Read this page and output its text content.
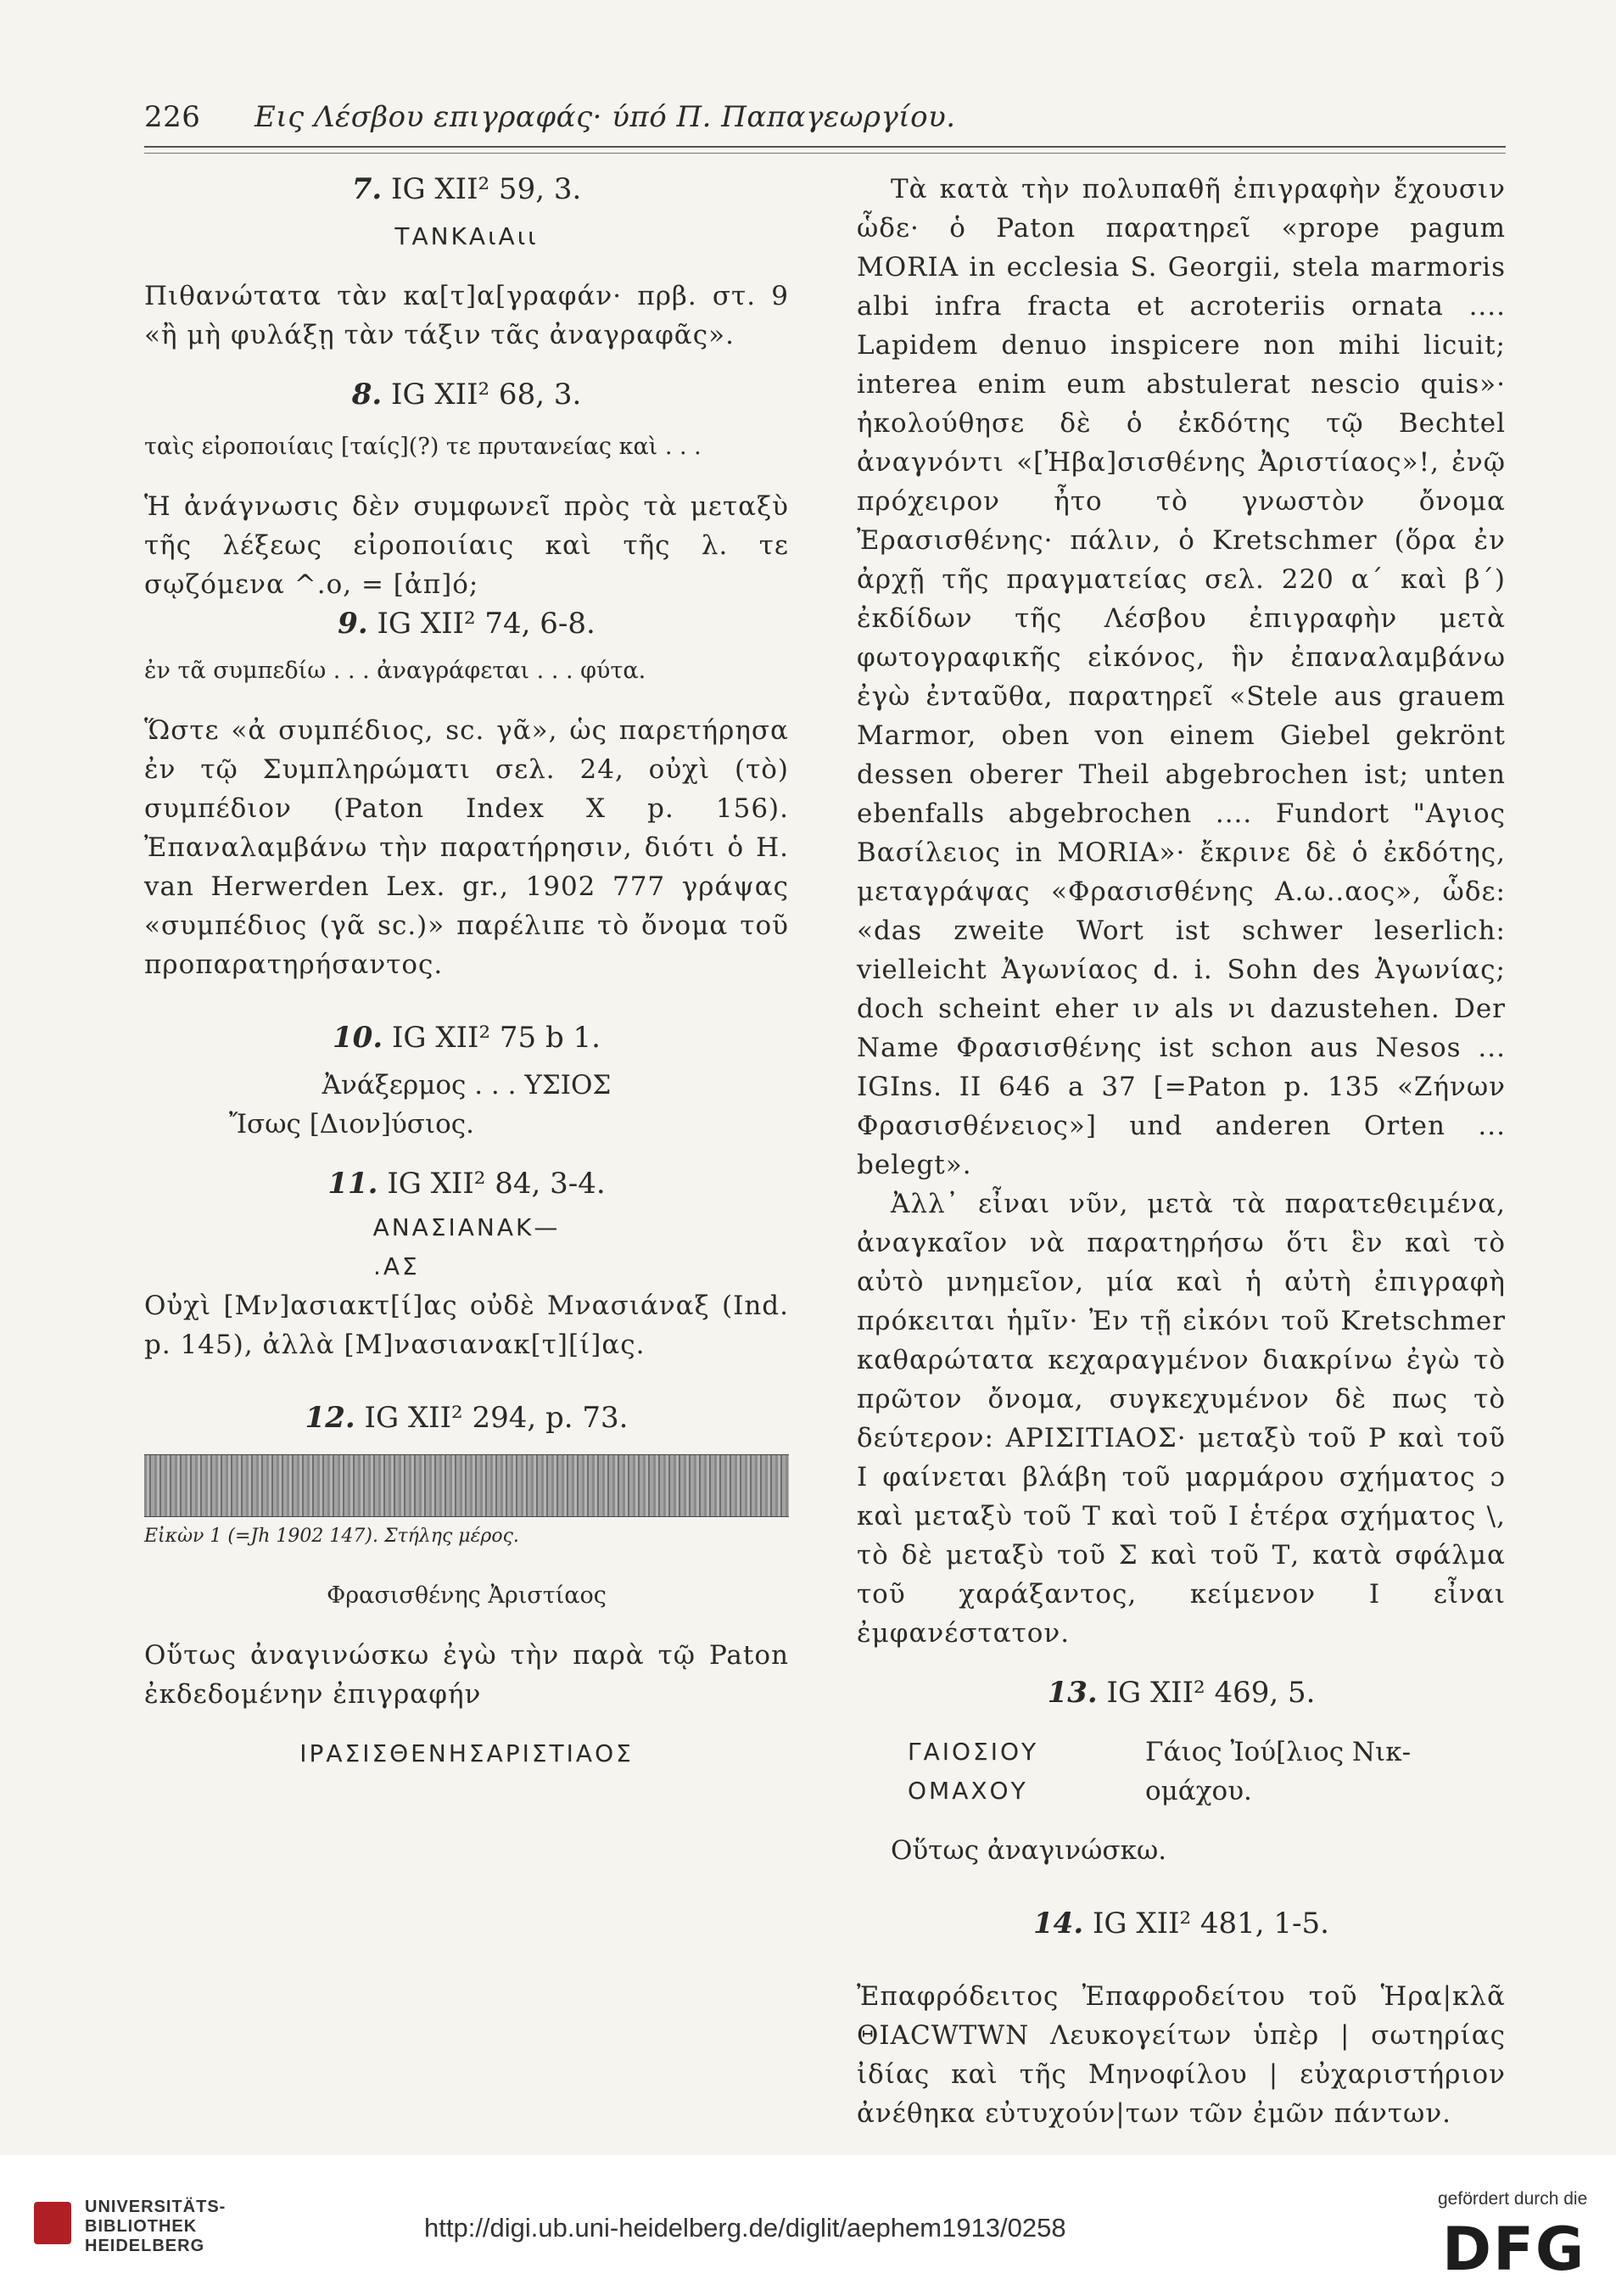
226 Εις Λέσβου επιγραφάς· ύπό Π. Παπαγεωργίου.
7. IG XII² 59, 3.

ΤΑΝΚΑιΑιι

Πιθανώτατα τὰν κα[τ]α[γραφάν· πρβ. στ. 9 «ἢ μὴ φυλάξῃ τὰν τάξιν τᾶς ἀναγραφᾶς».

8. IG XII² 68, 3.

ταὶς εἰροποιίαις [ταίς](?) τε πρυτανείας καὶ . . .

Ἡ ἀνάγνωσις δὲν συμφωνεῖ πρὸς τὰ μεταξὺ τῆς λέξεως εἰροποιίαις καὶ τῆς λ. τε σῳζόμενα ^.ο, = [ἀπ]ό;

9. IG XII² 74, 6-8.

ἐν τᾶ συμπεδίω . . . ἀναγράφεται . . . φύτα.

Ὥστε «ἀ συμπέδιος, sc. γᾶ», ὡς παρετήρησα ἐν τῷ Συμπληρώματι σελ. 24, οὐχὶ (τὸ) συμπέδιον (Paton Index X p. 156). Ἐπαναλαμβάνω τὴν παρατήρησιν, διότι ὁ H. van Herwerden Lex. gr., 1902 777 γράψας «συμπέδιος (γᾶ sc.)» παρέλιπε τὸ ὄνομα τοῦ προπαρατηρήσαντος.

10. IG XII² 75 b 1.

Ἀνάξερμος . . . ΥΣΙΟΣ

Ἴσως [Διον]ύσιος.

11. IG XII² 84, 3-4.

ΑΝΑΣΙΑΝΑΚ—

.ΑΣ

Οὐχὶ [Μν]ασιακτ[ί]ας οὐδὲ Μνασιάναξ (Ind. p. 145), ἀλλὰ [Μ]νασιανακ[τ][ί]ας.

12. IG XII² 294, p. 73.

Εἰκὼν 1 (=Jh 1902 147). Στήλης μέρος.

Φρασισθένης Ἀριστίαος

Οὕτως ἀναγινώσκω ἐγὼ τὴν παρὰ τῷ Paton ἐκδεδομένην ἐπιγραφήν

ΙΡΑΣΙΣΘΕΝΗΣΑΡΙΣΤΙΑΟΣ

Τὰ κατὰ τὴν πολυπαθῆ ἐπιγραφὴν ἔχουσιν ὧδε· ὁ Paton παρατηρεῖ «prope pagum MORIA in ecclesia S. Georgii, stela marmoris albi infra fracta et acroteriis ornata .... Lapidem denuo inspicere non mihi licuit; interea enim eum abstulerat nescio quis»· ἠκολούθησε δὲ ὁ ἐκδότης τῷ Bechtel ἀναγνόντι «[Ἠβα]σισθένης Ἀριστίαος»!, ἐνῷ πρόχειρον ἦτο τὸ γνωστὸν ὄνομα Ἐρασισθένης· πάλιν, ὁ Kretschmer (ὅρα ἐν ἀρχῇ τῆς πραγματείας σελ. 220 α΄ καὶ β΄) ἐκδίδων τῆς Λέσβου ἐπιγραφὴν μετὰ φωτογραφικῆς εἰκόνος, ἣν ἐπαναλαμβάνω ἐγὼ ἐνταῦθα, παρατηρεῖ «Stele aus grauem Marmor, oben von einem Giebel gekrönt dessen oberer Theil abgebrochen ist; unten ebenfalls abgebrochen .... Fundort "Αγιος Βασίλειος in MORIA»· ἔκρινε δὲ ὁ ἐκδότης, μεταγράψας «Φρασισθένης Α.ω..αος», ὧδε: «das zweite Wort ist schwer leserlich: vielleicht Ἀγωνίαος d. i. Sohn des Ἀγωνίας; doch scheint eher ιν als νι dazustehen. Der Name Φρασισθένης ist schon aus Nesos ... IGIns. II 646 a 37 [=Paton p. 135 «Ζήνων Φρασισθένειος»] und anderen Orten ... belegt».

Ἀλλ᾽ εἶναι νῦν, μετὰ τὰ παρατεθειμένα, ἀναγκαῖον νὰ παρατηρήσω ὅτι ἓν καὶ τὸ αὐτὸ μνημεῖον, μία καὶ ἡ αὐτὴ ἐπιγραφὴ πρόκειται ἡμῖν· Ἐν τῇ εἰκόνι τοῦ Kretschmer καθαρώτατα κεχαραγμένον διακρίνω ἐγὼ τὸ πρῶτον ὄνομα, συγκεχυμένον δὲ πως τὸ δεύτερον: ΑΡΙΣΙΤΙΑΟΣ· μεταξὺ τοῦ Ρ καὶ τοῦ Ι φαίνεται βλάβη τοῦ μαρμάρου σχήματος ɔ καὶ μεταξὺ τοῦ Τ καὶ τοῦ Ι ἑτέρα σχήματος \, τὸ δὲ μεταξὺ τοῦ Σ καὶ τοῦ Τ, κατὰ σφάλμα τοῦ χαράξαντος, κείμενον Ι εἶναι ἐμφανέστατον.

13. IG XII² 469, 5.
ΓΑΙΟΣΙΟΥ
ΟΜΑΧΟΥ
Γάιος Ἰού[λιος Νικ-
ομάχου.

Οὕτως ἀναγινώσκω.

14. IG XII² 481, 1-5.

Ἐπαφρόδειτος Ἐπαφροδείτου τοῦ Ἡρα|κλᾶ ΘΙΑCWTWN Λευκογείτων ὑπὲρ | σωτηρίας ἰδίας καὶ τῆς Μηνοφίλου | εὐχαριστήριον ἀνέθηκα εὐτυχούν|των τῶν ἐμῶν πάντων.

UNIVERSITÄTS-
BIBLIOTHEK
HEIDELBERG
http://digi.ub.uni-heidelberg.de/diglit/aephem1913/0258
gefördert durch die
DFG
